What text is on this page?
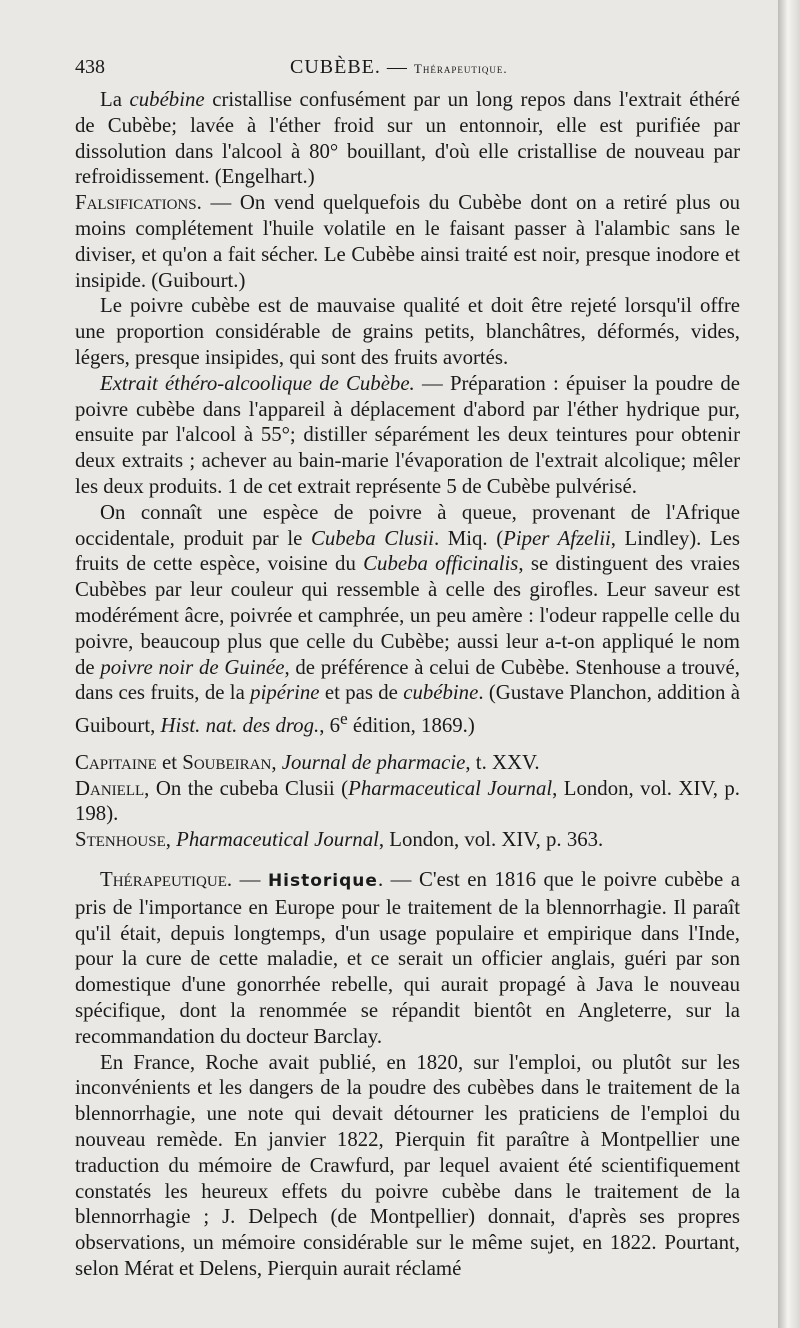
438	CUBÈBE. — Thérapeutique.

La cubébine cristallise confusément par un long repos dans l'extrait éthéré de Cubèbe; lavée à l'éther froid sur un entonnoir, elle est purifiée par dissolution dans l'alcool à 80° bouillant, d'où elle cristallise de nouveau par refroidissement. (Engelhart.)

Falsifications. — On vend quelquefois du Cubèbe dont on a retiré plus ou moins complétement l'huile volatile en le faisant passer à l'alambic sans le diviser, et qu'on a fait sécher. Le Cubèbe ainsi traité est noir, presque inodore et insipide. (Guibourt.)

Le poivre cubèbe est de mauvaise qualité et doit être rejeté lorsqu'il offre une proportion considérable de grains petits, blanchâtres, déformés, vides, légers, presque insipides, qui sont des fruits avortés.

Extrait éthéro-alcoolique de Cubèbe. — Préparation : épuiser la poudre de poivre cubèbe dans l'appareil à déplacement d'abord par l'éther hydrique pur, ensuite par l'alcool à 55°; distiller séparément les deux teintures pour obtenir deux extraits ; achever au bain-marie l'évaporation de l'extrait alcolique; mêler les deux produits. 1 de cet extrait représente 5 de Cubèbe pulvérisé.

On connaît une espèce de poivre à queue, provenant de l'Afrique occidentale, produit par le Cubeba Clusii. Miq. (Piper Afzelii, Lindley). Les fruits de cette espèce, voisine du Cubeba officinalis, se distinguent des vraies Cubèbes par leur couleur qui ressemble à celle des girofles. Leur saveur est modérément âcre, poivrée et camphrée, un peu amère : l'odeur rappelle celle du poivre, beaucoup plus que celle du Cubèbe; aussi leur a-t-on appliqué le nom de poivre noir de Guinée, de préférence à celui de Cubèbe. Stenhouse a trouvé, dans ces fruits, de la pipérine et pas de cubébine. (Gustave Planchon, addition à Guibourt, Hist. nat. des drog., 6e édition, 1869.)

Capitaine et Soubeiran, Journal de pharmacie, t. XXV.
Daniell, On the cubeba Clusii (Pharmaceutical Journal, London, vol. XIV, p. 198).
Stenhouse, Pharmaceutical Journal, London, vol. XIV, p. 363.

Thérapeutique. — Historique. — C'est en 1816 que le poivre cubèbe a pris de l'importance en Europe pour le traitement de la blennorrhagie. Il paraît qu'il était, depuis longtemps, d'un usage populaire et empirique dans l'Inde, pour la cure de cette maladie, et ce serait un officier anglais, guéri par son domestique d'une gonorrhée rebelle, qui aurait propagé à Java le nouveau spécifique, dont la renommée se répandit bientôt en Angleterre, sur la recommandation du docteur Barclay.

En France, Roche avait publié, en 1820, sur l'emploi, ou plutôt sur les inconvénients et les dangers de la poudre des cubèbes dans le traitement de la blennorrhagie, une note qui devait détourner les praticiens de l'emploi du nouveau remède. En janvier 1822, Pierquin fit paraître à Montpellier une traduction du mémoire de Crawfurd, par lequel avaient été scientifiquement constatés les heureux effets du poivre cubèbe dans le traitement de la blennorrhagie ; J. Delpech (de Montpellier) donnait, d'après ses propres observations, un mémoire considérable sur le même sujet, en 1822. Pourtant, selon Mérat et Delens, Pierquin aurait réclamé
